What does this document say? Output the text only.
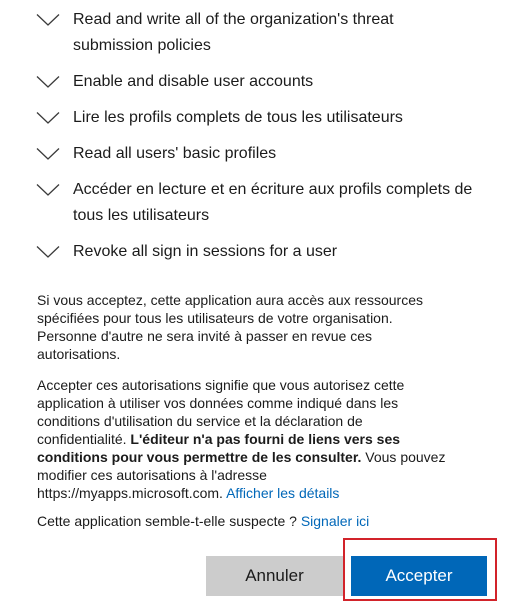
Read and write all of the organization's threat
submission policies
Enable and disable user accounts
Lire les profils complets de tous les utilisateurs
Read all users' basic profiles
Accéder en lecture et en écriture aux profils complets de
tous les utilisateurs
Revoke all sign in sessions for a user

Si vous acceptez, cette application aura accès aux ressources
spécifiées pour tous les utilisateurs de votre organisation.
Personne d'autre ne sera invité à passer en revue ces
autorisations.

Accepter ces autorisations signifie que vous autorisez cette
application à utiliser vos données comme indiqué dans les
conditions d'utilisation du service et la déclaration de
confidentialité. L'éditeur n'a pas fourni de liens vers ses
conditions pour vous permettre de les consulter. Vous pouvez
modifier ces autorisations à l'adresse
https://myapps.microsoft.com. Afficher les détails

Cette application semble-t-elle suspecte ? Signaler ici

Annuler	Accepter
